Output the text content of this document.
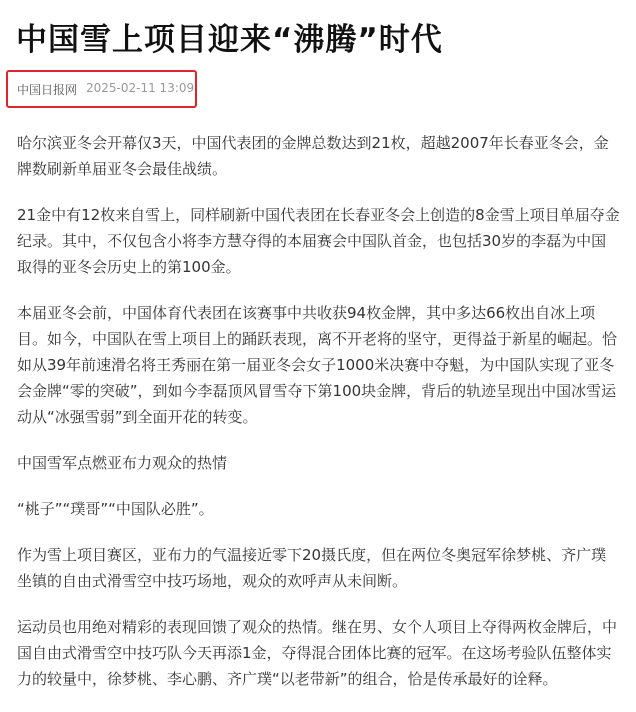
中国雪上项目迎来“沸腾”时代
中国日报网 2025-02-11 13:09

哈尔滨亚冬会开幕仅3天，中国代表团的金牌总数达到21枚，超越2007年长春亚冬会，金牌数刷新单届亚冬会最佳战绩。

21金中有12枚来自雪上，同样刷新中国代表团在长春亚冬会上创造的8金雪上项目单届夺金纪录。其中，不仅包含小将李方慧夺得的本届赛会中国队首金，也包括30岁的李磊为中国取得的亚冬会历史上的第100金。

本届亚冬会前，中国体育代表团在该赛事中共收获94枚金牌，其中多达66枚出自冰上项目。如今，中国队在雪上项目上的踊跃表现，离不开老将的坚守，更得益于新星的崛起。恰如从39年前速滑名将王秀丽在第一届亚冬会女子1000米决赛中夺魁，为中国队实现了亚冬会金牌“零的突破”，到如今李磊顶风冒雪夺下第100块金牌，背后的轨迹呈现出中国冰雪运动从“冰强雪弱”到全面开花的转变。

中国雪军点燃亚布力观众的热情

“桃子”“璞哥”“中国队必胜”。

作为雪上项目赛区，亚布力的气温接近零下20摄氏度，但在两位冬奥冠军徐梦桃、齐广璞坐镇的自由式滑雪空中技巧场地，观众的欢呼声从未间断。

运动员也用绝对精彩的表现回馈了观众的热情。继在男、女个人项目上夺得两枚金牌后，中国自由式滑雪空中技巧队今天再添1金，夺得混合团体比赛的冠军。在这场考验队伍整体实力的较量中，徐梦桃、李心鹏、齐广璞“以老带新”的组合，恰是传承最好的诠释。
